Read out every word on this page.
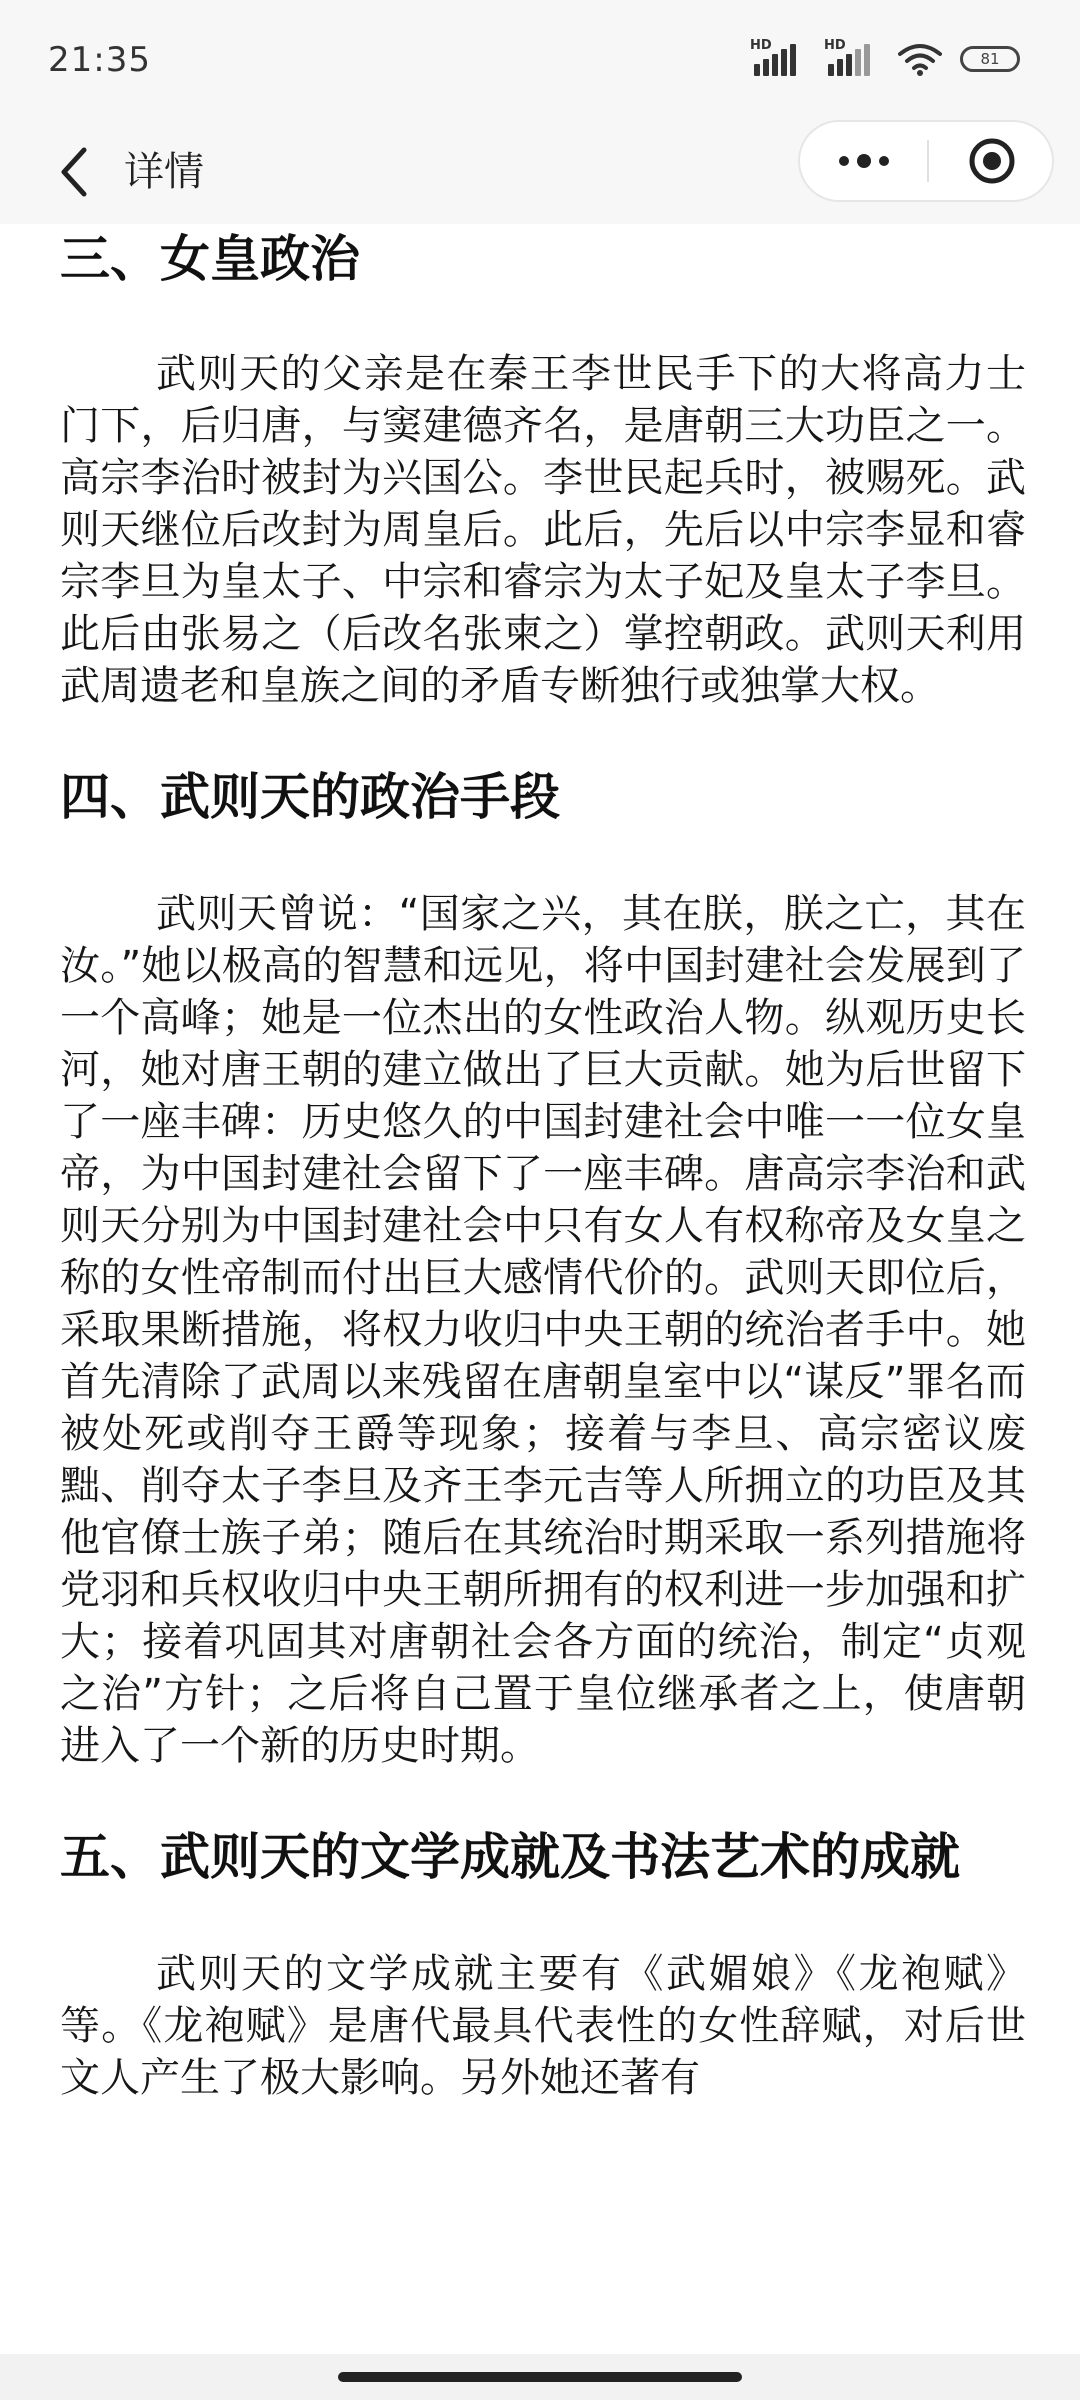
21:35	HD	HD
81
详情
三、女皇政治

武则天的父亲是在秦王李世民手下的大将高力士门下，后归唐，与窦建德齐名，是唐朝三大功臣之一。高宗李治时被封为兴国公。李世民起兵时，被赐死。武则天继位后改封为周皇后。此后，先后以中宗李显和睿宗李旦为皇太子、中宗和睿宗为太子妃及皇太子李旦。此后由张易之（后改名张柬之）掌控朝政。武则天利用武周遗老和皇族之间的矛盾专断独行或独掌大权。

四、武则天的政治手段

武则天曾说：“国家之兴，其在朕，朕之亡，其在汝。”她以极高的智慧和远见，将中国封建社会发展到了一个高峰；她是一位杰出的女性政治人物。纵观历史长河，她对唐王朝的建立做出了巨大贡献。她为后世留下了一座丰碑：历史悠久的中国封建社会中唯一一位女皇帝，为中国封建社会留下了一座丰碑。唐高宗李治和武则天分别为中国封建社会中只有女人有权称帝及女皇之称的女性帝制而付出巨大感情代价的。武则天即位后，采取果断措施，将权力收归中央王朝的统治者手中。她首先清除了武周以来残留在唐朝皇室中以“谋反”罪名而被处死或削夺王爵等现象；接着与李旦、高宗密议废黜、削夺太子李旦及齐王李元吉等人所拥立的功臣及其他官僚士族子弟；随后在其统治时期采取一系列措施将党羽和兵权收归中央王朝所拥有的权利进一步加强和扩大；接着巩固其对唐朝社会各方面的统治，制定“贞观之治”方针；之后将自己置于皇位继承者之上，使唐朝进入了一个新的历史时期。

五、武则天的文学成就及书法艺术的成就

武则天的文学成就主要有《武媚娘》《龙袍赋》等。《龙袍赋》是唐代最具代表性的女性辞赋，对后世文人产生了极大影响。另外她还著有
